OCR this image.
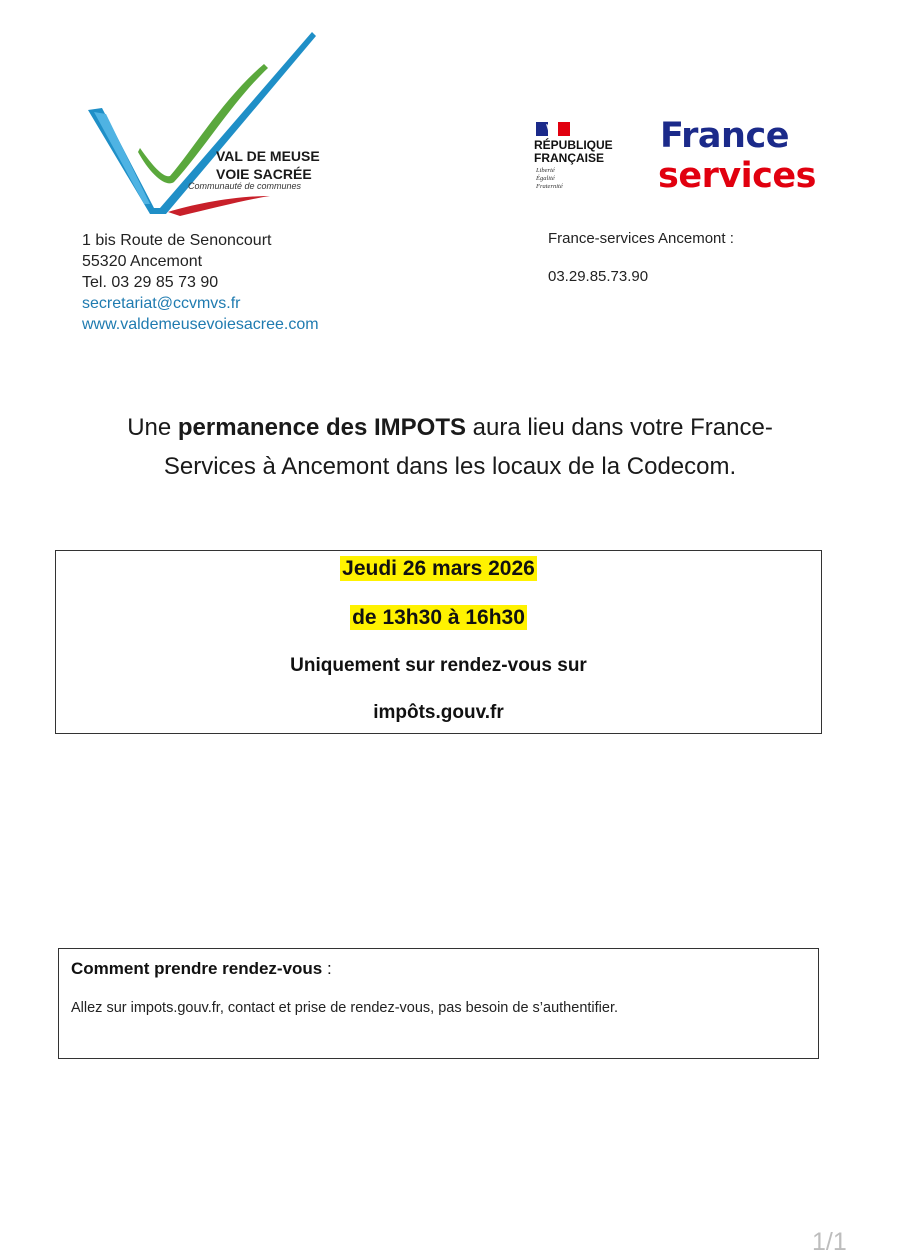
VAL DE MEUSE
VOIE SACRÉE
Communauté de communes
1 bis Route de Senoncourt
55320 Ancemont
Tel. 03 29 85 73 90
secretariat@ccvmvs.fr
www.valdemeusevoiesacree.com
RÉPUBLIQUE
FRANÇAISE
Liberté
Égalité
Fraternité
France
services
France-services Ancemont :
03.29.85.73.90
Une permanence des IMPOTS aura lieu dans votre France-
Services à Ancemont dans les locaux de la Codecom.
Jeudi 26 mars 2026
de 13h30 à 16h30
Uniquement sur rendez-vous sur
impôts.gouv.fr
Comment prendre rendez-vous :
Allez sur impots.gouv.fr, contact et prise de rendez-vous, pas besoin de s’authentifier.
1/1
